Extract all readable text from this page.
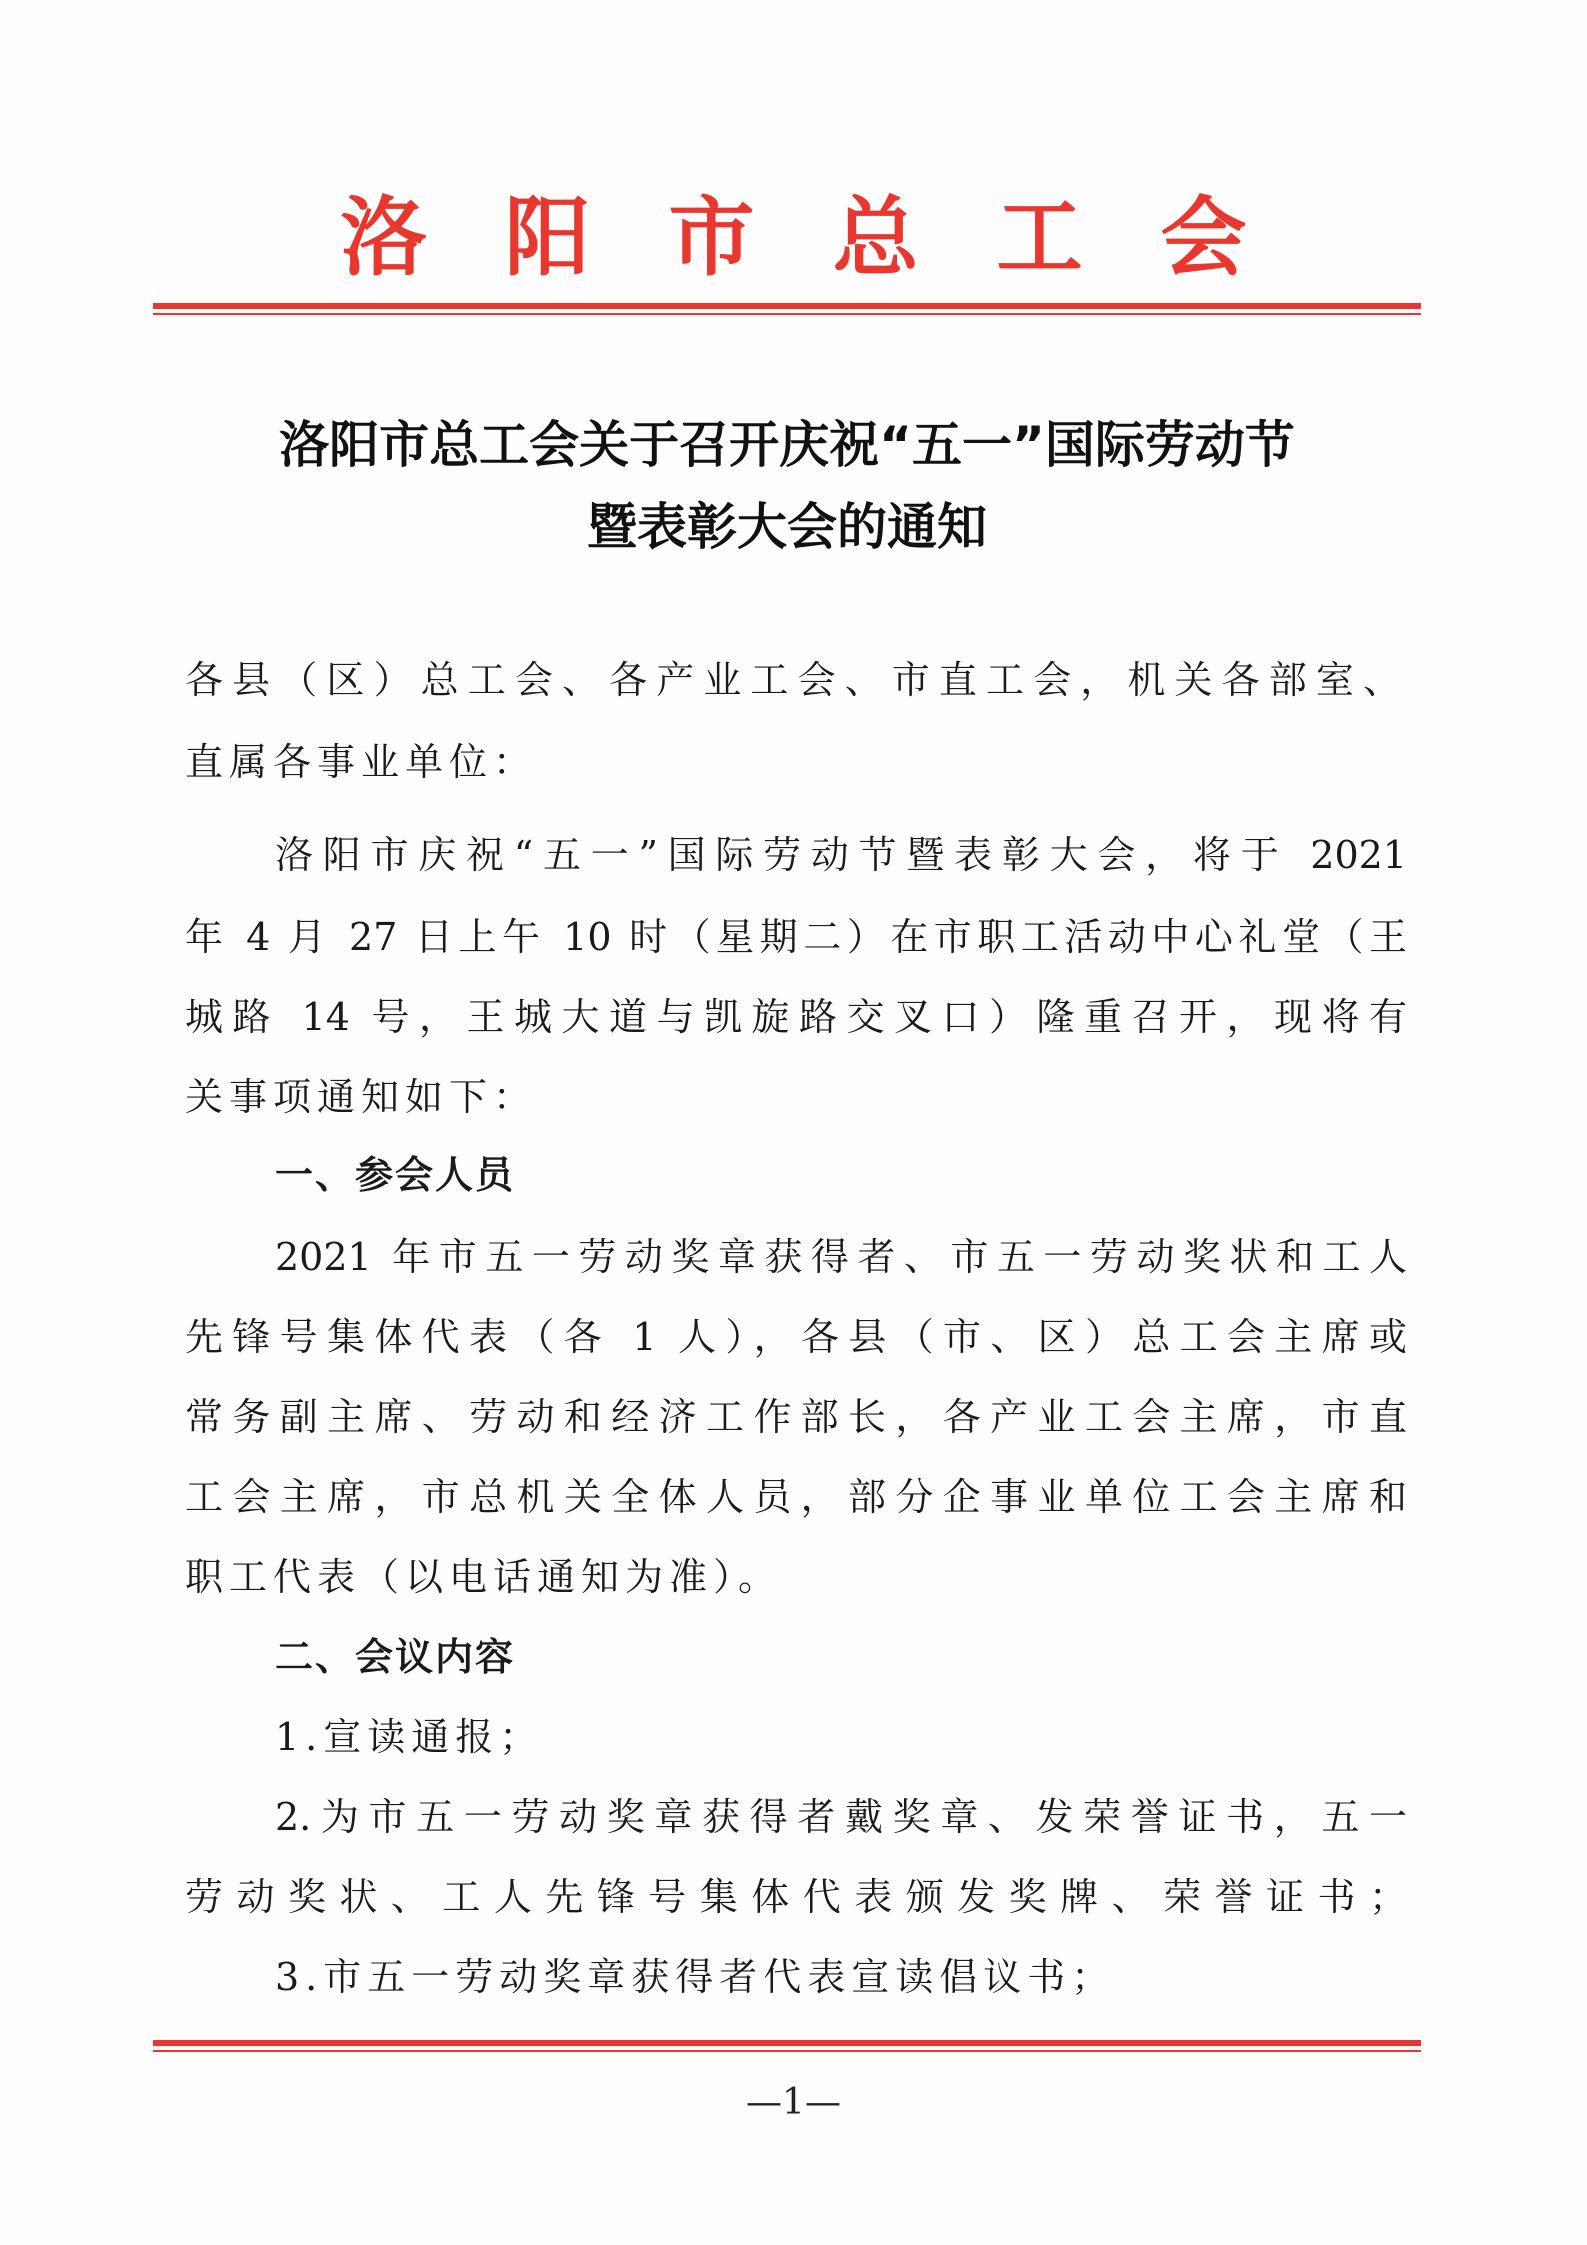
洛阳市总工会
洛阳市总工会关于召开庆祝“五一”国际劳动节
暨表彰大会的通知
各县（区）总工会、各产业工会、市直工会，机关各部室、
直属各事业单位：
洛阳市庆祝“五一”国际劳动节暨表彰大会，将于 2021
年 4 月 27 日上午 10 时（星期二）在市职工活动中心礼堂（王
城路 14 号，王城大道与凯旋路交叉口）隆重召开，现将有
关事项通知如下：
一、参会人员
2021 年市五一劳动奖章获得者、市五一劳动奖状和工人
先锋号集体代表（各 1 人），各县（市、区）总工会主席或
常务副主席、劳动和经济工作部长，各产业工会主席，市直
工会主席，市总机关全体人员，部分企事业单位工会主席和
职工代表（以电话通知为准）。
二、会议内容
1.宣读通报；
2.为市五一劳动奖章获得者戴奖章、发荣誉证书，五一
劳动奖状、工人先锋号集体代表颁发奖牌、荣誉证书；
3.市五一劳动奖章获得者代表宣读倡议书；
—1—
